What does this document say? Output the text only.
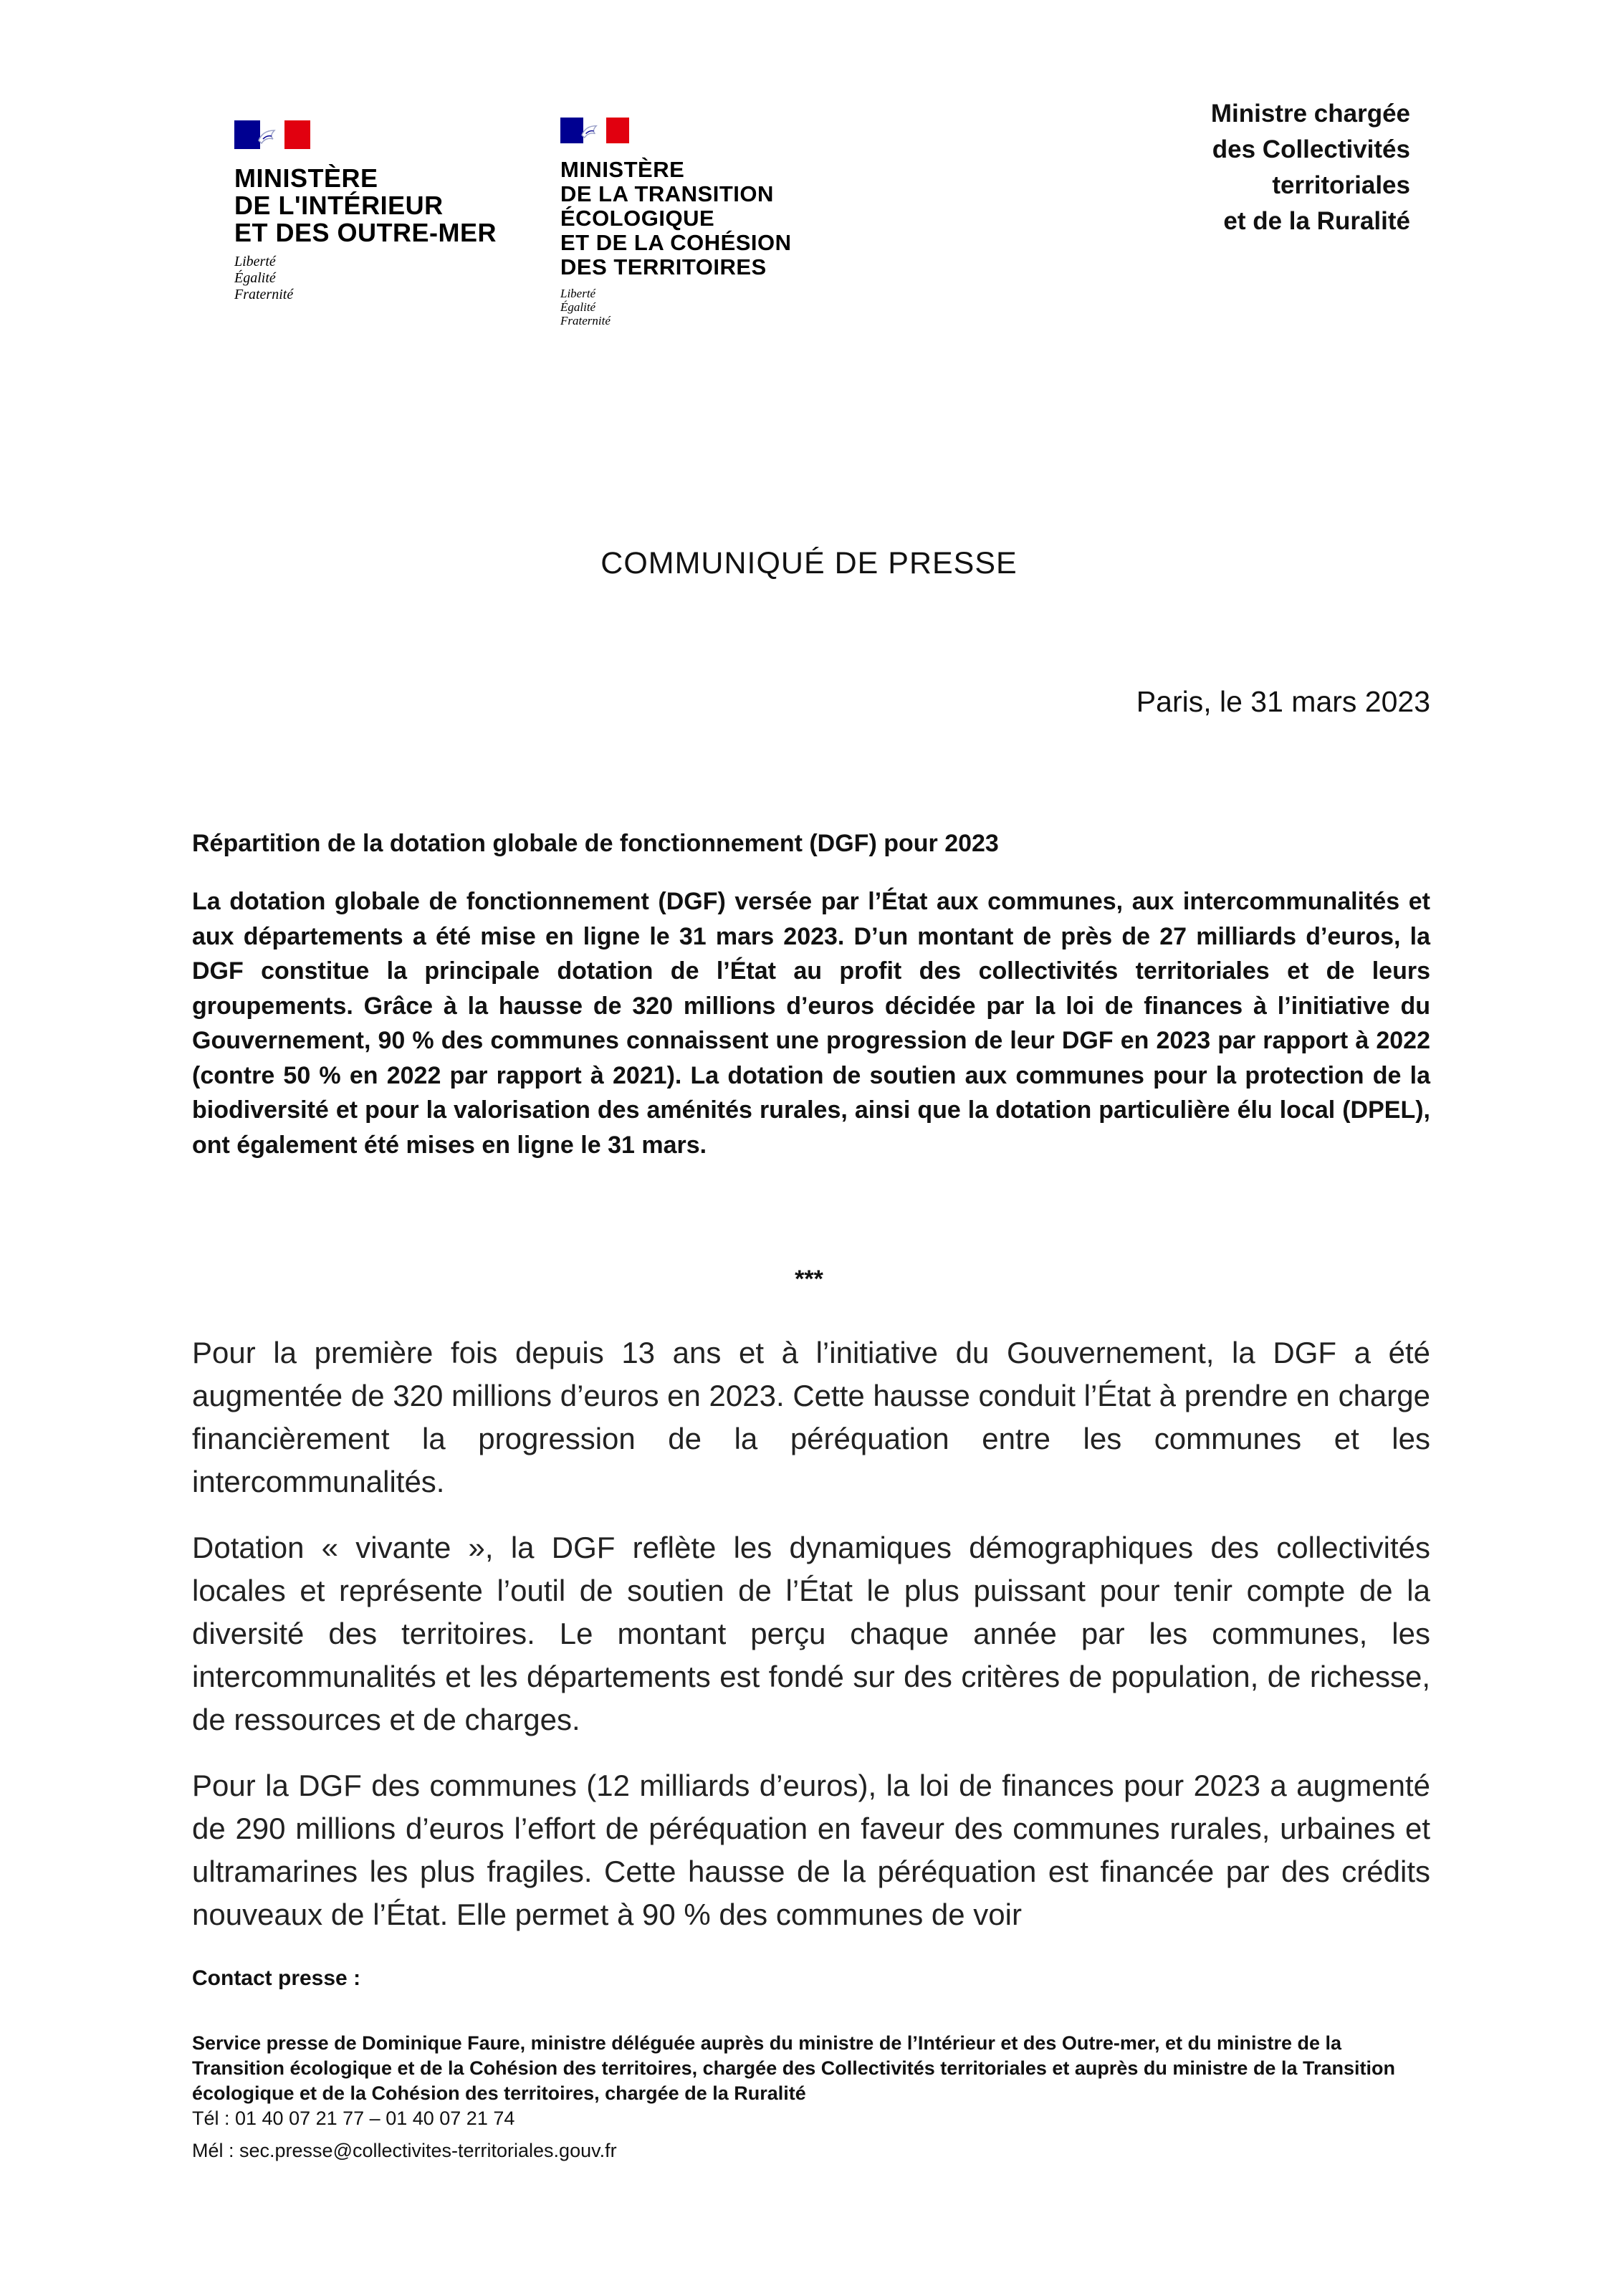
MINISTÈRE
DE L'INTÉRIEUR
ET DES OUTRE-MER
Liberté
Égalité
Fraternité
MINISTÈRE
DE LA TRANSITION
ÉCOLOGIQUE
ET DE LA COHÉSION
DES TERRITOIRES
Liberté
Égalité
Fraternité
Ministre chargée
des Collectivités
territoriales
et de la Ruralité
COMMUNIQUÉ DE PRESSE
Paris, le 31 mars 2023
Répartition de la dotation globale de fonctionnement (DGF) pour 2023
La dotation globale de fonctionnement (DGF) versée par l’État aux communes, aux intercommunalités et aux départements a été mise en ligne le 31 mars 2023. D’un montant de près de 27 milliards d’euros, la DGF constitue la principale dotation de l’État au profit des collectivités territoriales et de leurs groupements. Grâce à la hausse de 320 millions d’euros décidée par la loi de finances à l’initiative du Gouvernement, 90 % des communes connaissent une progression de leur DGF en 2023 par rapport à 2022 (contre 50 % en 2022 par rapport à 2021). La dotation de soutien aux communes pour la protection de la biodiversité et pour la valorisation des aménités rurales, ainsi que la dotation particulière élu local (DPEL), ont également été mises en ligne le 31 mars.
***

Pour la première fois depuis 13 ans et à l’initiative du Gouvernement, la DGF a été augmentée de 320 millions d’euros en 2023. Cette hausse conduit l’État à prendre en charge financièrement la progression de la péréquation entre les communes et les intercommunalités.

Dotation « vivante », la DGF reflète les dynamiques démographiques des collectivités locales et représente l’outil de soutien de l’État le plus puissant pour tenir compte de la diversité des territoires. Le montant perçu chaque année par les communes, les intercommunalités et les départements est fondé sur des critères de population, de richesse, de ressources et de charges.

Pour la DGF des communes (12 milliards d’euros), la loi de finances pour 2023 a augmenté de 290 millions d’euros l’effort de péréquation en faveur des communes rurales, urbaines et ultramarines les plus fragiles. Cette hausse de la péréquation est financée par des crédits nouveaux de l’État. Elle permet à 90 % des communes de voir

Contact presse :
Service presse de Dominique Faure, ministre déléguée auprès du ministre de l’Intérieur et des Outre-mer, et du ministre de la Transition écologique et de la Cohésion des territoires, chargée des Collectivités territoriales et auprès du ministre de la Transition écologique et de la Cohésion des territoires, chargée de la Ruralité
Tél : 01 40 07 21 77 – 01 40 07 21 74
Mél : sec.presse@collectivites-territoriales.gouv.fr
